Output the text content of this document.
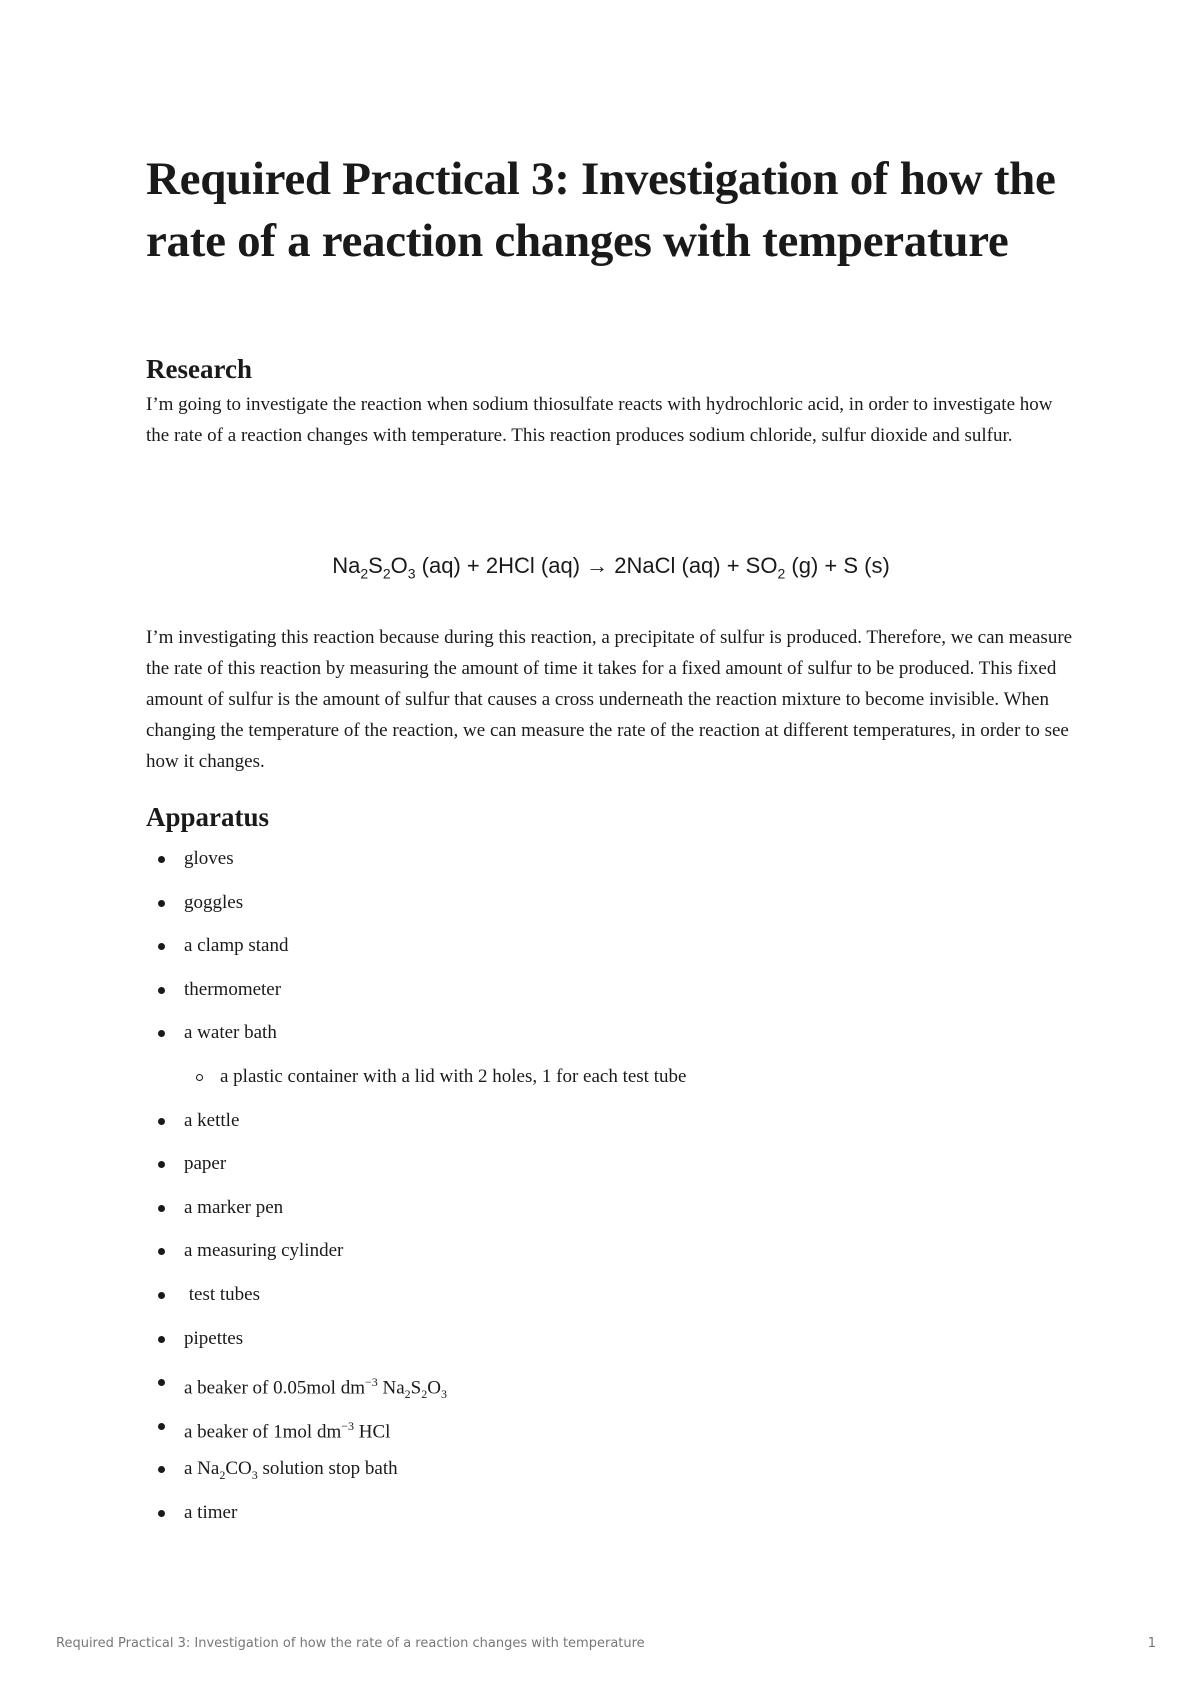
Required Practical 3: Investigation of how the rate of a reaction changes with temperature
Research

I’m going to investigate the reaction when sodium thiosulfate reacts with hydrochloric acid, in order to investigate how the rate of a reaction changes with temperature. This reaction produces sodium chloride, sulfur dioxide and sulfur.

$Na_2S_2O_3$ (aq) + 2HCl (aq) → 2NaCl $(aq) + SO_2$ (g) + S (s)

I’m investigating this reaction because during this reaction, a precipitate of sulfur is produced. Therefore, we can measure the rate of this reaction by measuring the amount of time it takes for a fixed amount of sulfur to be produced. This fixed amount of sulfur is the amount of sulfur that causes a cross underneath the reaction mixture to become invisible. When changing the temperature of the reaction, we can measure the rate of the reaction at different temperatures, in order to see how it changes.

Apparatus
gloves
goggles
a clamp stand
thermometer
a water bath
a plastic container with a lid with 2 holes, 1 for each test tube
a kettle
paper
a marker pen
a measuring cylinder
test tubes
pipettes
a beaker of 0.05mol $dm^{-3}$ $Na_2S_2O_3$
a beaker of 1mol $dm^{-3}$ HCl
a $Na_2CO_3$ solution stop bath
a timer
Required Practical 3: Investigation of how the rate of a reaction changes with temperature	1
